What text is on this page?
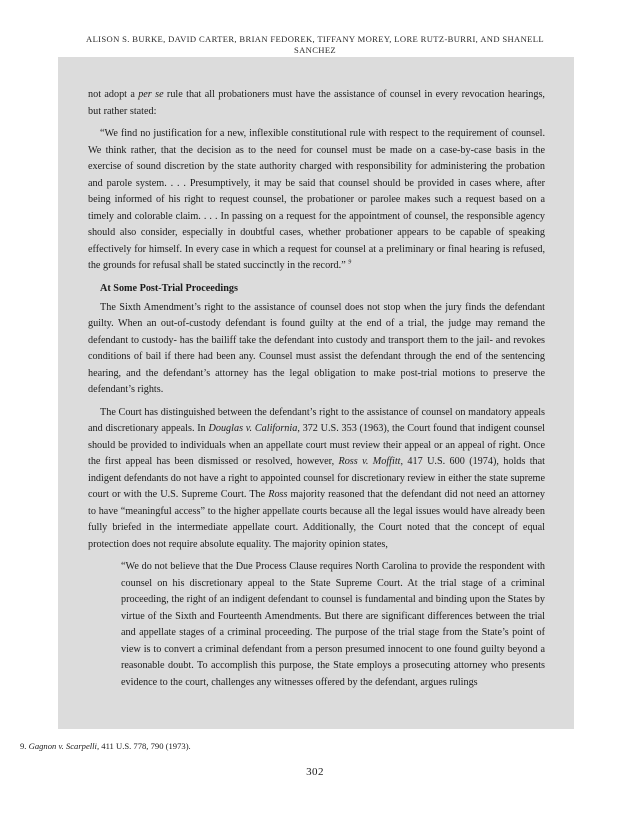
ALISON S. BURKE, DAVID CARTER, BRIAN FEDOREK, TIFFANY MOREY, LORE RUTZ-BURRI, AND SHANELL
SANCHEZ

not adopt a per se rule that all probationers must have the assistance of counsel in every revocation hearings, but rather stated:

“We find no justification for a new, inflexible constitutional rule with respect to the requirement of counsel. We think rather, that the decision as to the need for counsel must be made on a case-by-case basis in the exercise of sound discretion by the state authority charged with responsibility for administering the probation and parole system. . . . Presumptively, it may be said that counsel should be provided in cases where, after being informed of his right to request counsel, the probationer or parolee makes such a request based on a timely and colorable claim. . . . In passing on a request for the appointment of counsel, the responsible agency should also consider, especially in doubtful cases, whether probationer appears to be capable of speaking effectively for himself. In every case in which a request for counsel at a preliminary or final hearing is refused, the grounds for refusal shall be stated succinctly in the record.” $^9$

At Some Post-Trial Proceedings

The Sixth Amendment’s right to the assistance of counsel does not stop when the jury finds the defendant guilty. When an out-of-custody defendant is found guilty at the end of a trial, the judge may remand the defendant to custody- has the bailiff take the defendant into custody and transport them to the jail- and revokes conditions of bail if there had been any. Counsel must assist the defendant through the end of the sentencing hearing, and the defendant’s attorney has the legal obligation to make post-trial motions to preserve the defendant’s rights.

The Court has distinguished between the defendant’s right to the assistance of counsel on mandatory appeals and discretionary appeals. In Douglas v. California, 372 U.S. 353 (1963), the Court found that indigent counsel should be provided to individuals when an appellate court must review their appeal or an appeal of right. Once the first appeal has been dismissed or resolved, however, Ross v. Moffitt, 417 U.S. 600 (1974), holds that indigent defendants do not have a right to appointed counsel for discretionary review in either the state supreme court or with the U.S. Supreme Court. The Ross majority reasoned that the defendant did not need an attorney to have “meaningful access” to the higher appellate courts because all the legal issues would have already been fully briefed in the intermediate appellate court. Additionally, the Court noted that the concept of equal protection does not require absolute equality. The majority opinion states,

“We do not believe that the Due Process Clause requires North Carolina to provide the respondent with counsel on his discretionary appeal to the State Supreme Court. At the trial stage of a criminal proceeding, the right of an indigent defendant to counsel is fundamental and binding upon the States by virtue of the Sixth and Fourteenth Amendments. But there are significant differences between the trial and appellate stages of a criminal proceeding. The purpose of the trial stage from the State’s point of view is to convert a criminal defendant from a person presumed innocent to one found guilty beyond a reasonable doubt. To accomplish this purpose, the State employs a prosecuting attorney who presents evidence to the court, challenges any witnesses offered by the defendant, argues rulings

9. Gagnon v. Scarpelli, 411 U.S. 778, 790 (1973).
302
